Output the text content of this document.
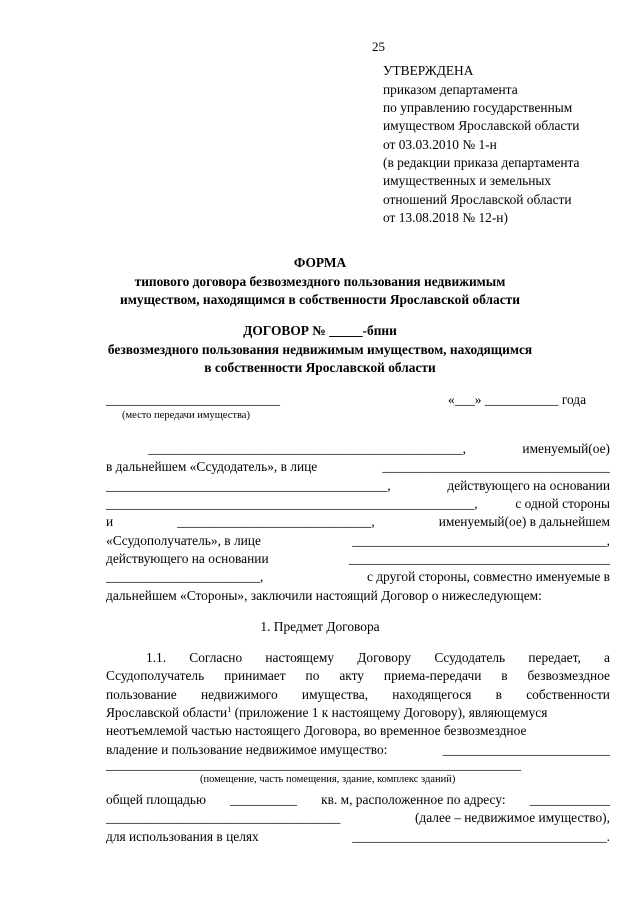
25
УТВЕРЖДЕНА
приказом департамента
по управлению государственным
имуществом Ярославской области
от 03.03.2010 № 1-н
(в редакции приказа департамента
имущественных и земельных
отношений Ярославской области
от 13.08.2018 № 12-н)
ФОРМА
типового договора безвозмездного пользования недвижимым
имуществом, находящимся в собственности Ярославской области
ДОГОВОР № _____-бпни
безвозмездного пользования недвижимым имуществом, находящимся
в собственности Ярославской области
__________________________	«___» ___________ года
(место передачи имущества)
_______________________________________________,	именуемый(ое)
в дальнейшем «Ссудодатель», в лице	__________________________________
__________________________________________,	действующего на основании
_______________________________________________________,	с одной стороны
и	_____________________________,	именуемый(ое) в дальнейшем
«Ссудополучатель», в лице	______________________________________,
действующего на основании	_______________________________________
_______________________,	с другой стороны, совместно именуемые в
дальнейшем «Стороны», заключили настоящий Договор о нижеследующем:
1. Предмет Договора
1.1. Согласно настоящему Договору Ссудодатель передает, а
Ссудополучатель принимает по акту приема-передачи в безвозмездное
пользование недвижимого имущества, находящегося в собственности
Ярославской области$^1$ (приложение 1 к настоящему Договору), являющемуся
неотъемлемой частью настоящего Договора, во временное безвозмездное
владение и пользование недвижимое имущество:	_________________________
______________________________________________________________
(помещение, часть помещения, здание, комплекс зданий)
общей площадью __________ кв. м, расположенное по адресу: ____________
___________________________________	(далее – недвижимое имущество),
для использования в целях	______________________________________.
